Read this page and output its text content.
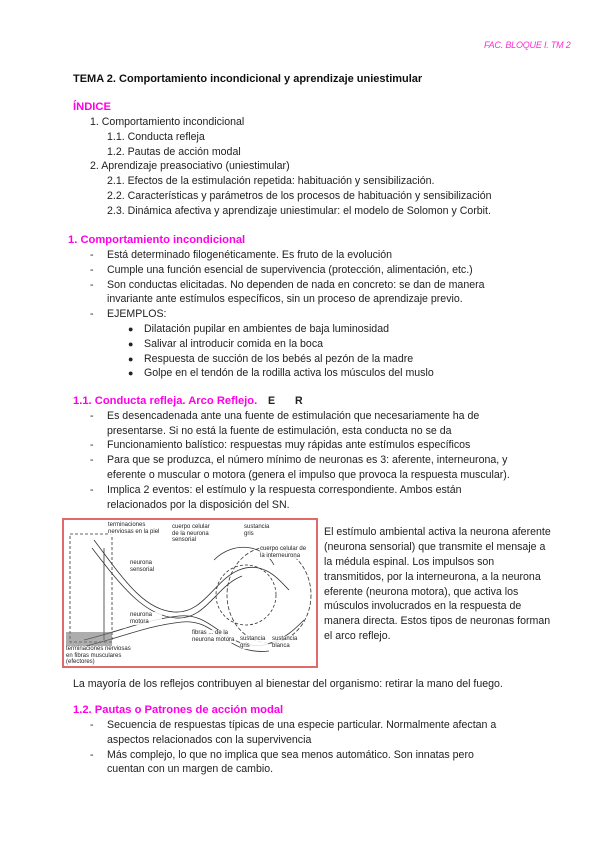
FAC. BLOQUE I. TM 2
TEMA 2. Comportamiento incondicional y aprendizaje uniestimular
ÍNDICE
1. Comportamiento incondicional
1.1. Conducta refleja
1.2. Pautas de acción modal
2. Aprendizaje preasociativo (uniestimular)
2.1. Efectos de la estimulación repetida: habituación y sensibilización.
2.2. Características y parámetros de los procesos de habituación y sensibilización
2.3. Dinámica afectiva y aprendizaje uniestimular: el modelo de Solomon y Corbit.
1. Comportamiento incondicional
- Está determinado filogenéticamente. Es fruto de la evolución
- Cumple una función esencial de supervivencia (protección, alimentación, etc.)
- Son conductas elicitadas. No dependen de nada en concreto: se dan de manera invariante ante estímulos específicos, sin un proceso de aprendizaje previo.
- EJEMPLOS:
● Dilatación pupilar en ambientes de baja luminosidad
● Salivar al introducir comida en la boca
● Respuesta de succión de los bebés al pezón de la madre
● Golpe en el tendón de la rodilla activa los músculos del muslo
1.1. Conducta refleja. Arco Reflejo. E R
- Es desencadenada ante una fuente de estimulación que necesariamente ha de presentarse. Si no está la fuente de estimulación, esta conducta no se da
- Funcionamiento balístico: respuestas muy rápidas ante estímulos específicos
- Para que se produzca, el número mínimo de neuronas es 3: aferente, interneurona, y eferente o muscular o motora (genera el impulso que provoca la respuesta muscular).
- Implica 2 eventos: el estímulo y la respuesta correspondiente. Ambos están relacionados por la disposición del SN.
terminaciones nerviosas en la piel
cuerpo celular de la neurona sensorial
sustancia gris
cuerpo celular de la interneurona
neurona sensorial
neurona motora
fibras ... de la neurona motora sustancia gris
sustancia blanca
terminaciones nerviosas en fibras musculares (efectores)
El estímulo ambiental activa la neurona aferente (neurona sensorial) que transmite el mensaje a la médula espinal. Los impulsos son transmitidos, por la interneurona, a la neurona eferente (neurona motora), que activa los músculos involucrados en la respuesta de manera directa. Estos tipos de neuronas forman el arco reflejo.
La mayoría de los reflejos contribuyen al bienestar del organismo: retirar la mano del fuego.
1.2. Pautas o Patrones de acción modal
- Secuencia de respuestas típicas de una especie particular. Normalmente afectan a aspectos relacionados con la supervivencia
- Más complejo, lo que no implica que sea menos automático. Son innatas pero cuentan con un margen de cambio.
